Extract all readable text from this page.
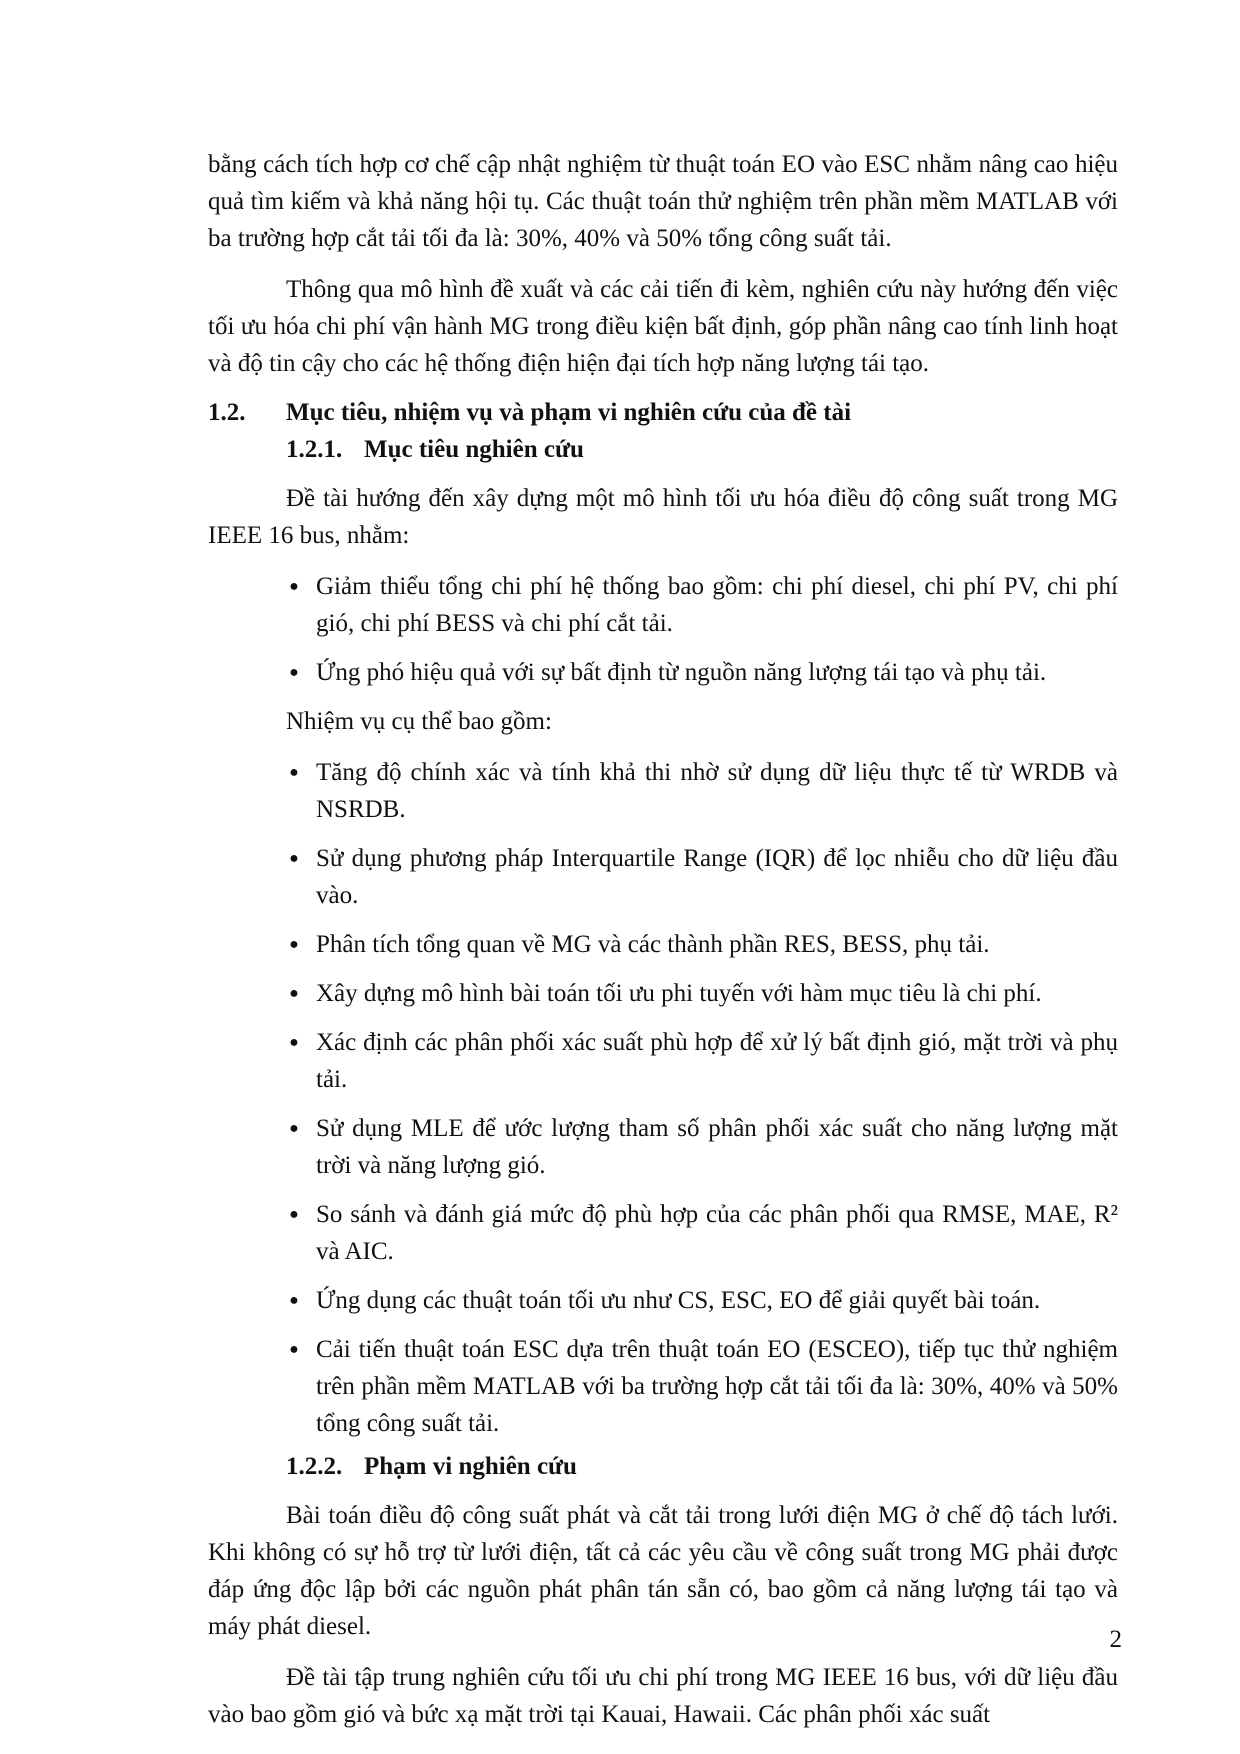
bằng cách tích hợp cơ chế cập nhật nghiệm từ thuật toán EO vào ESC nhằm nâng cao hiệu quả tìm kiếm và khả năng hội tụ. Các thuật toán thử nghiệm trên phần mềm MATLAB với ba trường hợp cắt tải tối đa là: 30%, 40% và 50% tổng công suất tải.

Thông qua mô hình đề xuất và các cải tiến đi kèm, nghiên cứu này hướng đến việc tối ưu hóa chi phí vận hành MG trong điều kiện bất định, góp phần nâng cao tính linh hoạt và độ tin cậy cho các hệ thống điện hiện đại tích hợp năng lượng tái tạo.

1.2.	Mục tiêu, nhiệm vụ và phạm vi nghiên cứu của đề tài
1.2.1. Mục tiêu nghiên cứu

Đề tài hướng đến xây dựng một mô hình tối ưu hóa điều độ công suất trong MG IEEE 16 bus, nhằm:

● Giảm thiểu tổng chi phí hệ thống bao gồm: chi phí diesel, chi phí PV, chi phí gió, chi phí BESS và chi phí cắt tải.
● Ứng phó hiệu quả với sự bất định từ nguồn năng lượng tái tạo và phụ tải.

Nhiệm vụ cụ thể bao gồm:

● Tăng độ chính xác và tính khả thi nhờ sử dụng dữ liệu thực tế từ WRDB và NSRDB.
● Sử dụng phương pháp Interquartile Range (IQR) để lọc nhiễu cho dữ liệu đầu vào.
● Phân tích tổng quan về MG và các thành phần RES, BESS, phụ tải.
● Xây dựng mô hình bài toán tối ưu phi tuyến với hàm mục tiêu là chi phí.
● Xác định các phân phối xác suất phù hợp để xử lý bất định gió, mặt trời và phụ tải.
● Sử dụng MLE để ước lượng tham số phân phối xác suất cho năng lượng mặt trời và năng lượng gió.
● So sánh và đánh giá mức độ phù hợp của các phân phối qua RMSE, MAE, R² và AIC.
● Ứng dụng các thuật toán tối ưu như CS, ESC, EO để giải quyết bài toán.
● Cải tiến thuật toán ESC dựa trên thuật toán EO (ESCEO), tiếp tục thử nghiệm trên phần mềm MATLAB với ba trường hợp cắt tải tối đa là: 30%, 40% và 50% tổng công suất tải.
1.2.2. Phạm vi nghiên cứu

Bài toán điều độ công suất phát và cắt tải trong lưới điện MG ở chế độ tách lưới. Khi không có sự hỗ trợ từ lưới điện, tất cả các yêu cầu về công suất trong MG phải được đáp ứng độc lập bởi các nguồn phát phân tán sẵn có, bao gồm cả năng lượng tái tạo và máy phát diesel.

Đề tài tập trung nghiên cứu tối ưu chi phí trong MG IEEE 16 bus, với dữ liệu đầu vào bao gồm gió và bức xạ mặt trời tại Kauai, Hawaii. Các phân phối xác suất

2
